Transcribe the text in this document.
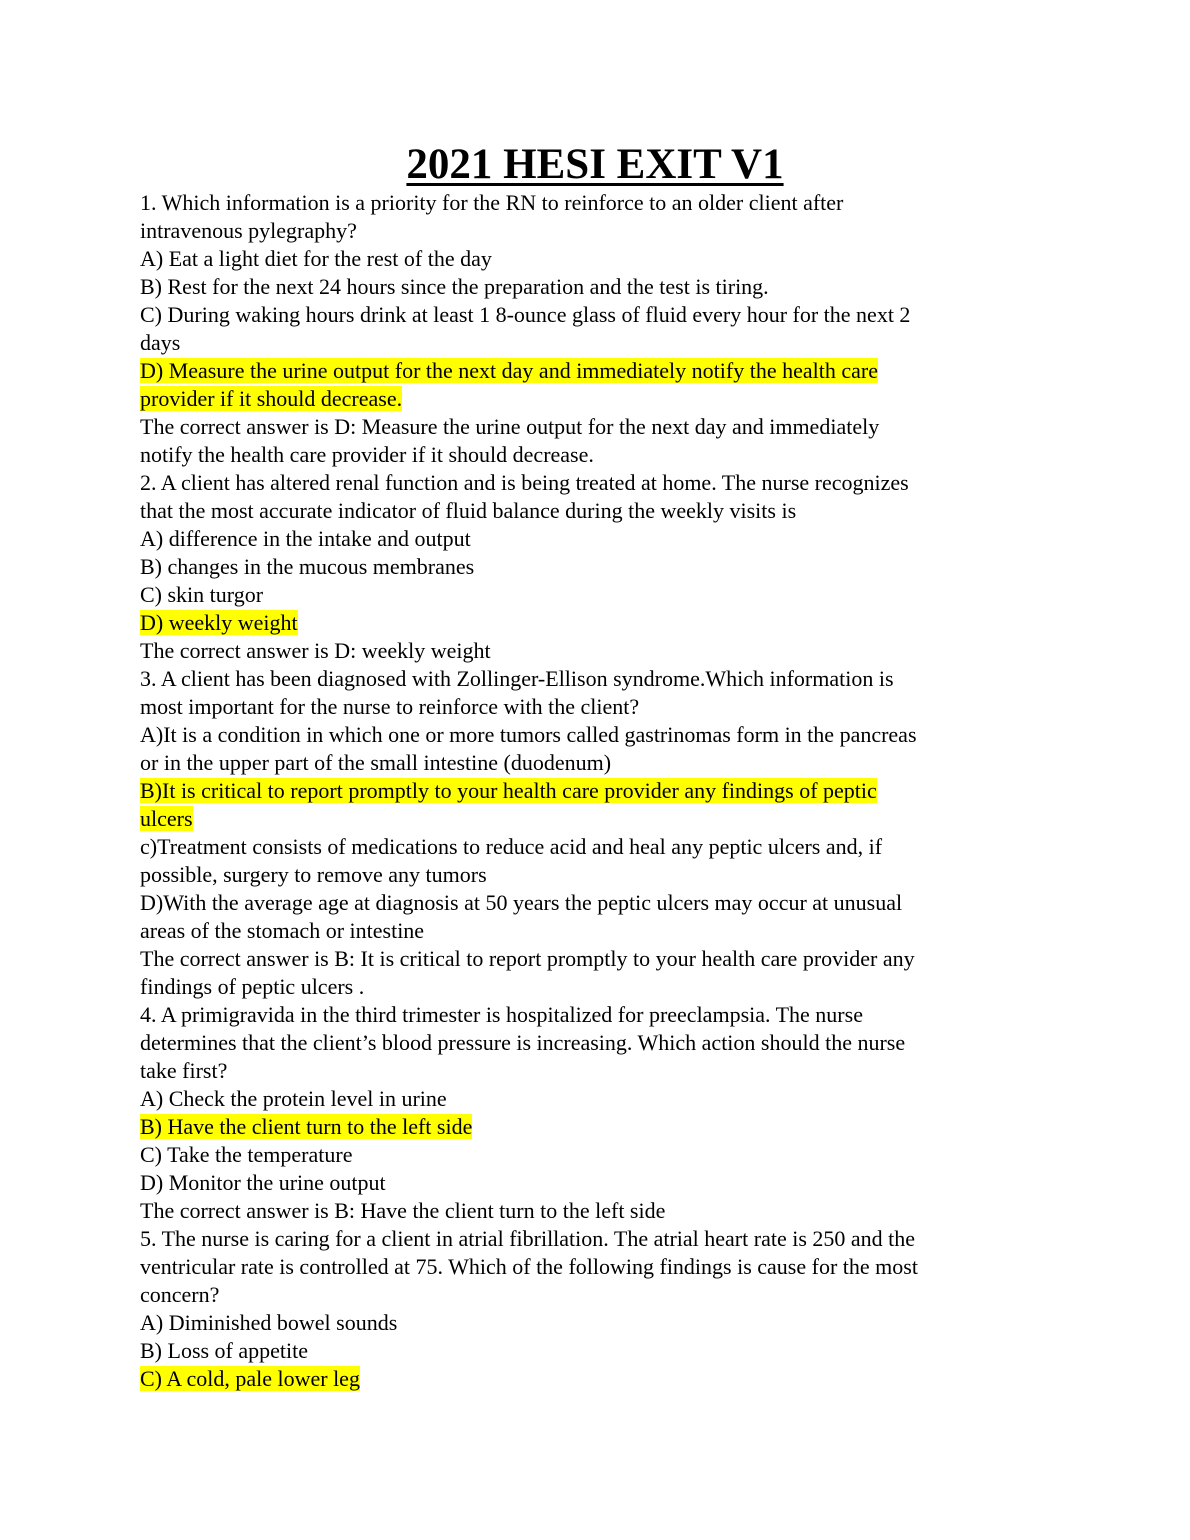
2021 HESI EXIT V1
1. Which information is a priority for the RN to reinforce to an older client after
intravenous pylegraphy?
A) Eat a light diet for the rest of the day
B) Rest for the next 24 hours since the preparation and the test is tiring.
C) During waking hours drink at least 1 8-ounce glass of fluid every hour for the next 2
days
D) Measure the urine output for the next day and immediately notify the health care
provider if it should decrease.
The correct answer is D: Measure the urine output for the next day and immediately
notify the health care provider if it should decrease.
2. A client has altered renal function and is being treated at home. The nurse recognizes
that the most accurate indicator of fluid balance during the weekly visits is
A) difference in the intake and output
B) changes in the mucous membranes
C) skin turgor
D) weekly weight
The correct answer is D: weekly weight
3. A client has been diagnosed with Zollinger-Ellison syndrome.Which information is
most important for the nurse to reinforce with the client?
A)It is a condition in which one or more tumors called gastrinomas form in the pancreas
or in the upper part of the small intestine (duodenum)
B)It is critical to report promptly to your health care provider any findings of peptic
ulcers
c)Treatment consists of medications to reduce acid and heal any peptic ulcers and, if
possible, surgery to remove any tumors
D)With the average age at diagnosis at 50 years the peptic ulcers may occur at unusual
areas of the stomach or intestine
The correct answer is B: It is critical to report promptly to your health care provider any
findings of peptic ulcers .
4. A primigravida in the third trimester is hospitalized for preeclampsia. The nurse
determines that the client’s blood pressure is increasing. Which action should the nurse
take first?
A) Check the protein level in urine
B) Have the client turn to the left side
C) Take the temperature
D) Monitor the urine output
The correct answer is B: Have the client turn to the left side
5. The nurse is caring for a client in atrial fibrillation. The atrial heart rate is 250 and the
ventricular rate is controlled at 75. Which of the following findings is cause for the most
concern?
A) Diminished bowel sounds
B) Loss of appetite
C) A cold, pale lower leg
